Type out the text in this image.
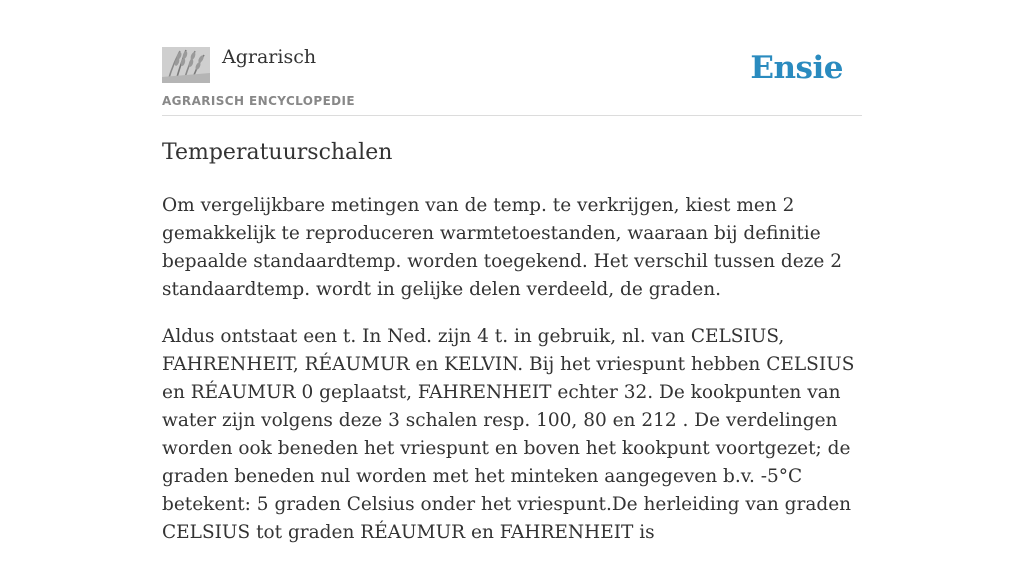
Agrarisch
AGRARISCH ENCYCLOPEDIE
Ensie
Temperatuurschalen

Om vergelijkbare metingen van de temp. te verkrijgen, kiest men 2 gemakkelijk te reproduceren warmtetoestanden, waaraan bij definitie bepaalde standaardtemp. worden toegekend. Het verschil tussen deze 2 standaardtemp. wordt in gelijke delen verdeeld, de graden.

Aldus ontstaat een t. In Ned. zijn 4 t. in gebruik, nl. van CELSIUS, FAHRENHEIT, RÉAUMUR en KELVIN. Bij het vriespunt hebben CELSIUS en RÉAUMUR 0 geplaatst, FAHRENHEIT echter 32. De kookpunten van water zijn volgens deze 3 schalen resp. 100, 80 en 212 . De verdelingen worden ook beneden het vriespunt en boven het kookpunt voortgezet; de graden beneden nul worden met het minteken aangegeven b.v. -5°C betekent: 5 graden Celsius onder het vriespunt.De herleiding van graden CELSIUS tot graden RÉAUMUR en FAHRENHEIT is
